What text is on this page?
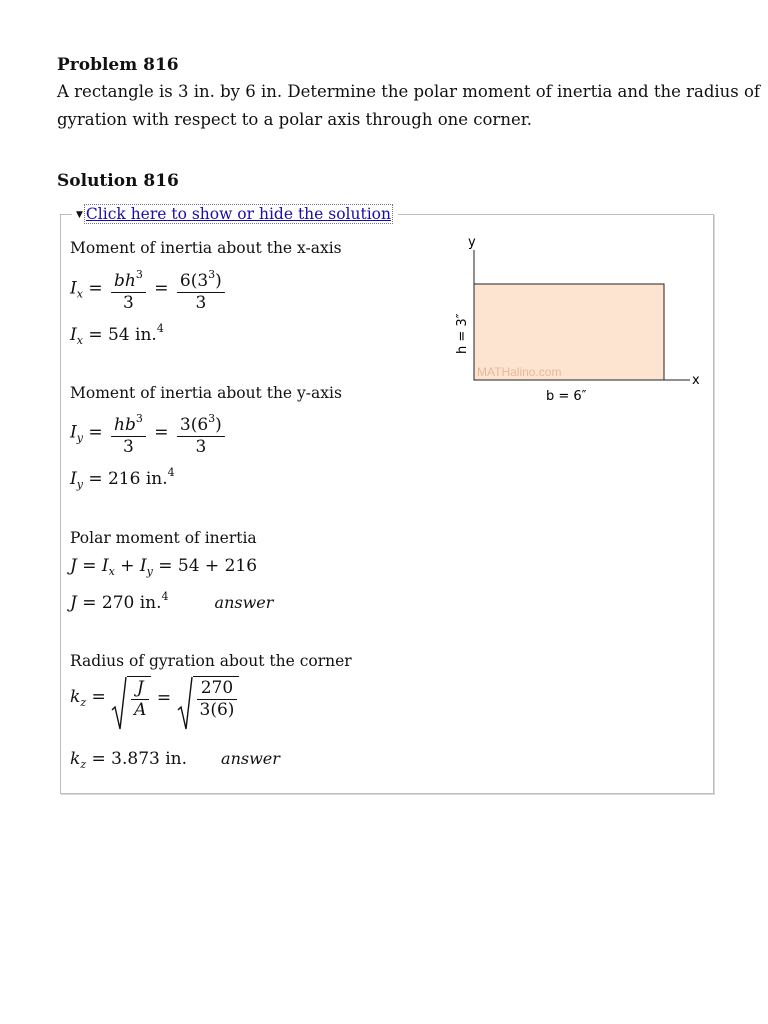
Problem 816
A rectangle is 3 in. by 6 in. Determine the polar moment of inertia and the radius of
gyration with respect to a polar axis through one corner.
Solution 816
▼ Click here to show or hide the solution
Moment of inertia about the x-axis
$I_x = \frac{bh^3}{3} = \frac{6(3^3)}{3}$
$I_x = 54$ in.$^4$
Moment of inertia about the y-axis
$I_y = \frac{hb^3}{3} = \frac{3(6^3)}{3}$
$I_y = 216$ in.$^4$
Polar moment of inertia
$J = I_x + I_y = 54 + 216$
J = 270 in.$^4$	answer
Radius of gyration about the corner
$k_z = \frac{J}{A} = \frac{270}{3(6)}$
$k_z = 3.873$ in. answer
y
x
MATHalino.com
h = 3″
b = 6″
